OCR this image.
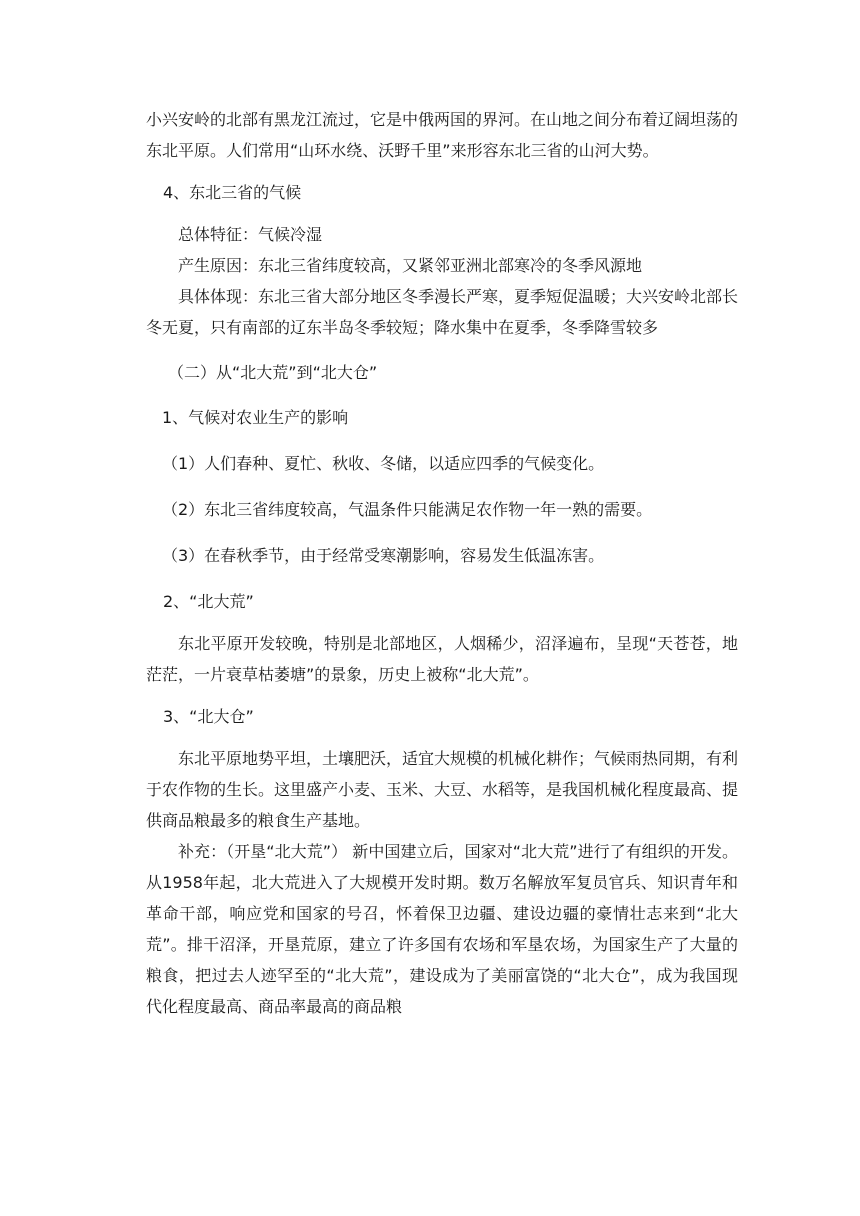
小兴安岭的北部有黑龙江流过，它是中俄两国的界河。在山地之间分布着辽阔坦荡的东北平原。人们常用“山环水绕、沃野千里”来形容东北三省的山河大势。

4、东北三省的气候

总体特征：气候冷湿

产生原因：东北三省纬度较高，又紧邻亚洲北部寒冷的冬季风源地

具体体现：东北三省大部分地区冬季漫长严寒，夏季短促温暖；大兴安岭北部长冬无夏，只有南部的辽东半岛冬季较短；降水集中在夏季，冬季降雪较多

（二）从“北大荒”到“北大仓”

1、气候对农业生产的影响

（1）人们春种、夏忙、秋收、冬储，以适应四季的气候变化。

（2）东北三省纬度较高，气温条件只能满足农作物一年一熟的需要。

（3）在春秋季节，由于经常受寒潮影响，容易发生低温冻害。

2、“北大荒”

东北平原开发较晚，特别是北部地区，人烟稀少，沼泽遍布，呈现“天苍苍，地茫茫，一片衰草枯萎塘”的景象，历史上被称“北大荒”。

3、“北大仓”

东北平原地势平坦，土壤肥沃，适宜大规模的机械化耕作；气候雨热同期，有利于农作物的生长。这里盛产小麦、玉米、大豆、水稻等，是我国机械化程度最高、提供商品粮最多的粮食生产基地。

补充：（开垦“北大荒”） 新中国建立后，国家对“北大荒”进行了有组织的开发。从1958年起，北大荒进入了大规模开发时期。数万名解放军复员官兵、知识青年和革命干部，响应党和国家的号召，怀着保卫边疆、建设边疆的豪情壮志来到“北大荒”。排干沼泽，开垦荒原，建立了许多国有农场和军垦农场，为国家生产了大量的粮食，把过去人迹罕至的“北大荒”，建设成为了美丽富饶的“北大仓”，成为我国现代化程度最高、商品率最高的商品粮
